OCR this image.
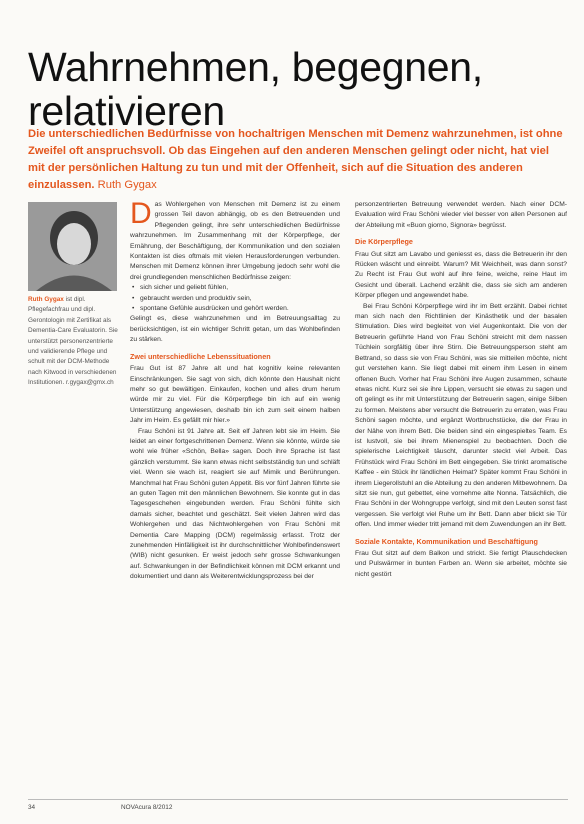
Wahrnehmen, begegnen, relativieren
Die unterschiedlichen Bedürfnisse von hochaltrigen Menschen mit Demenz wahrzunehmen, ist ohne Zweifel oft anspruchsvoll. Ob das Eingehen auf den anderen Menschen gelingt oder nicht, hat viel mit der persönlichen Haltung zu tun und mit der Offenheit, sich auf die Situation des anderen einzulassen. Ruth Gygax
Ruth Gygax ist dipl. Pflegefachfrau und dipl. Gerontologin mit Zertifikat als Dementia-Care Evaluatorin. Sie unterstützt personenzentrierte und validierende Pflege und schult mit der DCM-Methode nach Kitwood in verschiedenen Institutionen. r.gygax@gmx.ch

Das Wohlergehen von Menschen mit Demenz ist zu einem grossen Teil davon abhängig, ob es den Betreuenden und Pflegenden gelingt, ihre sehr unterschiedlichen Bedürfnisse wahrzunehmen. Im Zusammenhang mit der Körperpflege, der Ernährung, der Beschäftigung, der Kommunikation und den sozialen Kontakten ist dies oftmals mit vielen Herausforderungen verbunden. Menschen mit Demenz können ihrer Umgebung jedoch sehr wohl die drei grundlegenden menschlichen Bedürfnisse zeigen:

• sich sicher und geliebt fühlen,
• gebraucht werden und produktiv sein,
• spontane Gefühle ausdrücken und gehört werden.

Gelingt es, diese wahrzunehmen und im Betreuungsalltag zu berücksichtigen, ist ein wichtiger Schritt getan, um das Wohlbefinden zu stärken.

Zwei unterschiedliche Lebenssituationen

Frau Gut ist 87 Jahre alt und hat kognitiv keine relevanten Einschränkungen. Sie sagt von sich, dich könnte den Haushalt nicht mehr so gut bewältigen. Einkaufen, kochen und alles drum herum würde mir zu viel. Für die Körperpflege bin ich auf ein wenig Unterstützung angewiesen, deshalb bin ich zum seit einem halben Jahr im Heim. Es gefällt mir hier.»

Frau Schöni ist 91 Jahre alt. Seit elf Jahren lebt sie im Heim. Sie leidet an einer fortgeschrittenen Demenz. Wenn sie könnte, würde sie wohl wie früher «Schön, Bella» sagen. Doch ihre Sprache ist fast gänzlich verstummt. Sie kann etwas nicht selbstständig tun und schläft viel. Wenn sie wach ist, reagiert sie auf Mimik und Berührungen. Manchmal hat Frau Schöni guten Appetit. Bis vor fünf Jahren führte sie an guten Tagen mit den männlichen Bewohnern. Sie konnte gut in das Tagesgeschehen eingebunden werden. Frau Schöni fühlte sich damals sicher, beachtet und geschätzt. Seit vielen Jahren wird das Wohlergehen und das Nichtwohlergehen von Frau Schöni mit Dementia Care Mapping (DCM) regelmässig erfasst. Trotz der zunehmenden Hinfälligkeit ist ihr durchschnittlicher Wohlbefindenswert (WIB) nicht gesunken. Er weist jedoch sehr grosse Schwankungen auf. Schwankungen in der Befindlichkeit können mit DCM erkannt und dokumentiert und dann als Weiterentwicklungsprozess bei der

personzentrierten Betreuung verwendet werden. Nach einer DCM-Evaluation wird Frau Schöni wieder viel besser von allen Personen auf der Abteilung mit «Buon giorno, Signora» begrüsst.

Die Körperpflege

Frau Gut sitzt am Lavabo und geniesst es, dass die Betreuerin ihr den Rücken wäscht und einreibt. Warum? Mit Weichheit, was dann sonst? Zu Recht ist Frau Gut wohl auf ihre feine, weiche, reine Haut im Gesicht und überall. Lachend erzählt die, dass sie sich am anderen Körper pflegen und angewendet habe.

Bei Frau Schöni Körperpflege wird ihr im Bett erzählt. Dabei richtet man sich nach den Richtlinien der Kinästhetik und der basalen Stimulation. Dies wird begleitet von viel Augenkontakt. Die von der Betreuerin geführte Hand von Frau Schöni streicht mit dem nassen Tüchlein sorgfältig über ihre Stirn. Die Betreuungsperson steht am Bettrand, so dass sie von Frau Schöni, was sie mitteilen möchte, nicht gut verstehen kann. Sie liegt dabei mit einem ihm Lesen in einem offenen Buch. Vorher hat Frau Schöni ihre Augen zusammen, schaute etwas nicht. Kurz sei sie ihre Lippen, versucht sie etwas zu sagen und oft gelingt es ihr mit Unterstützung der Betreuerin sagen, einige Silben zu formen. Meistens aber versucht die Betreuerin zu erraten, was Frau Schöni sagen möchte, und ergänzt Wortbruchstücke, die der Frau in der Nähe von ihrem Bett. Die beiden sind ein eingespieltes Team. Es ist lustvoll, sie bei ihrem Mienenspiel zu beobachten. Doch die spielerische Leichtigkeit täuscht, darunter steckt viel Arbeit. Das Frühstück wird Frau Schöni im Bett eingegeben. Sie trinkt aromatische Kaffee - ein Stück ihr ländlichen Heimat? Später kommt Frau Schöni in ihrem Liegerollstuhl an die Abteilung zu den anderen Mitbewohnern. Da sitzt sie nun, gut gebettet, eine vornehme alte Nonna. Tatsächlich, die Frau Schöni in der Wohngruppe verfolgt, sind mit den Leuten sonst fast vergessen. Sie verfolgt viel Ruhe um ihr Bett. Dann aber blickt sie Tür offen. Und immer wieder tritt jemand mit dem Zuwendungen an ihr Bett.

Soziale Kontakte, Kommunikation und Beschäftigung

Frau Gut sitzt auf dem Balkon und strickt. Sie fertigt Plauschdecken und Pulswärmer in bunten Farben an. Wenn sie arbeitet, möchte sie nicht gestört

34	NOVAcura 8/2012
